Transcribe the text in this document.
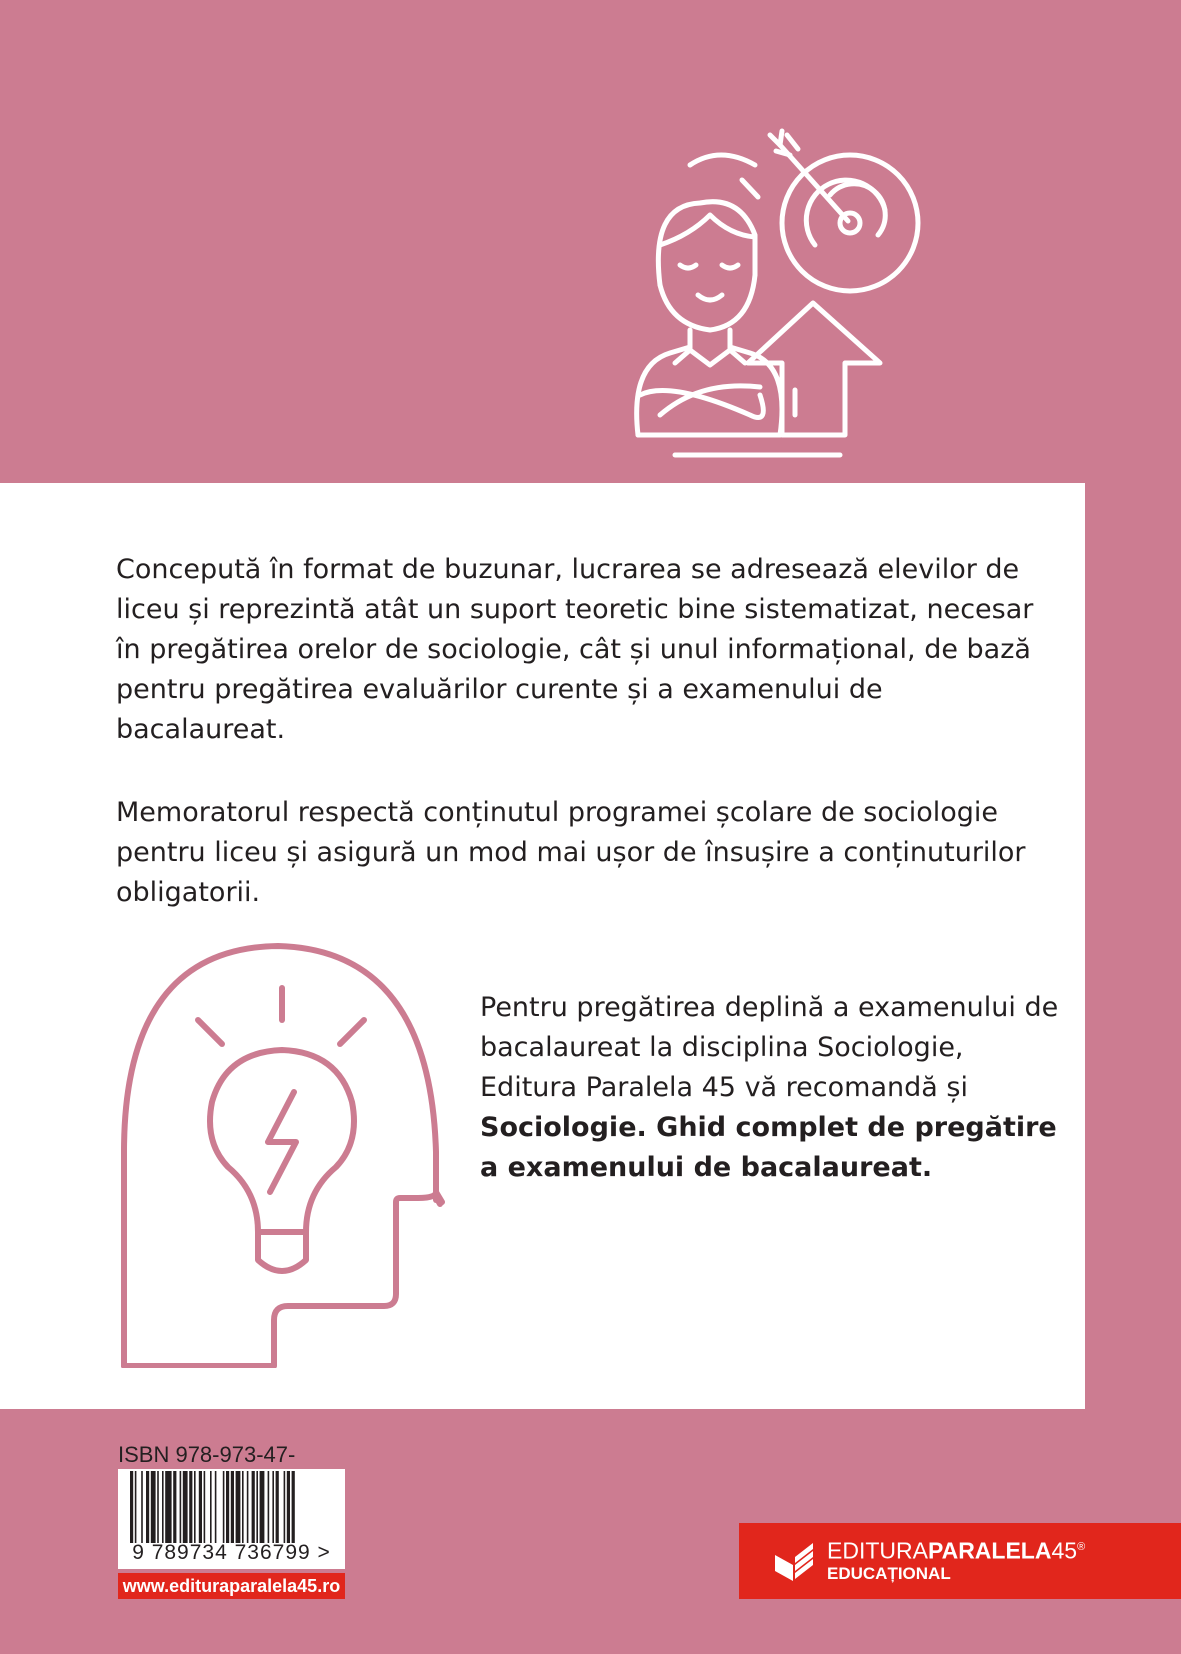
Concepută în format de buzunar, lucrarea se adresează elevilor de liceu și reprezintă atât un suport teoretic bine sistematizat, necesar în pregătirea orelor de sociologie, cât și unul informațional, de bază pentru pregătirea evaluărilor curente și a examenului de bacalaureat.

Memoratorul respectă conținutul programei școlare de sociologie pentru liceu și asigură un mod mai ușor de însușire a conținuturilor obligatorii.

Pentru pregătirea deplină a examenului de bacalaureat la disciplina Sociologie, Editura Paralela 45 vă recomandă și
Sociologie. Ghid complet de pregătire a examenului de bacalaureat.

ISBN 978-973-47-
9 789734 736799 >
www.edituraparalela45.ro
EDITURAPARALELA45®
EDUCAȚIONAL
